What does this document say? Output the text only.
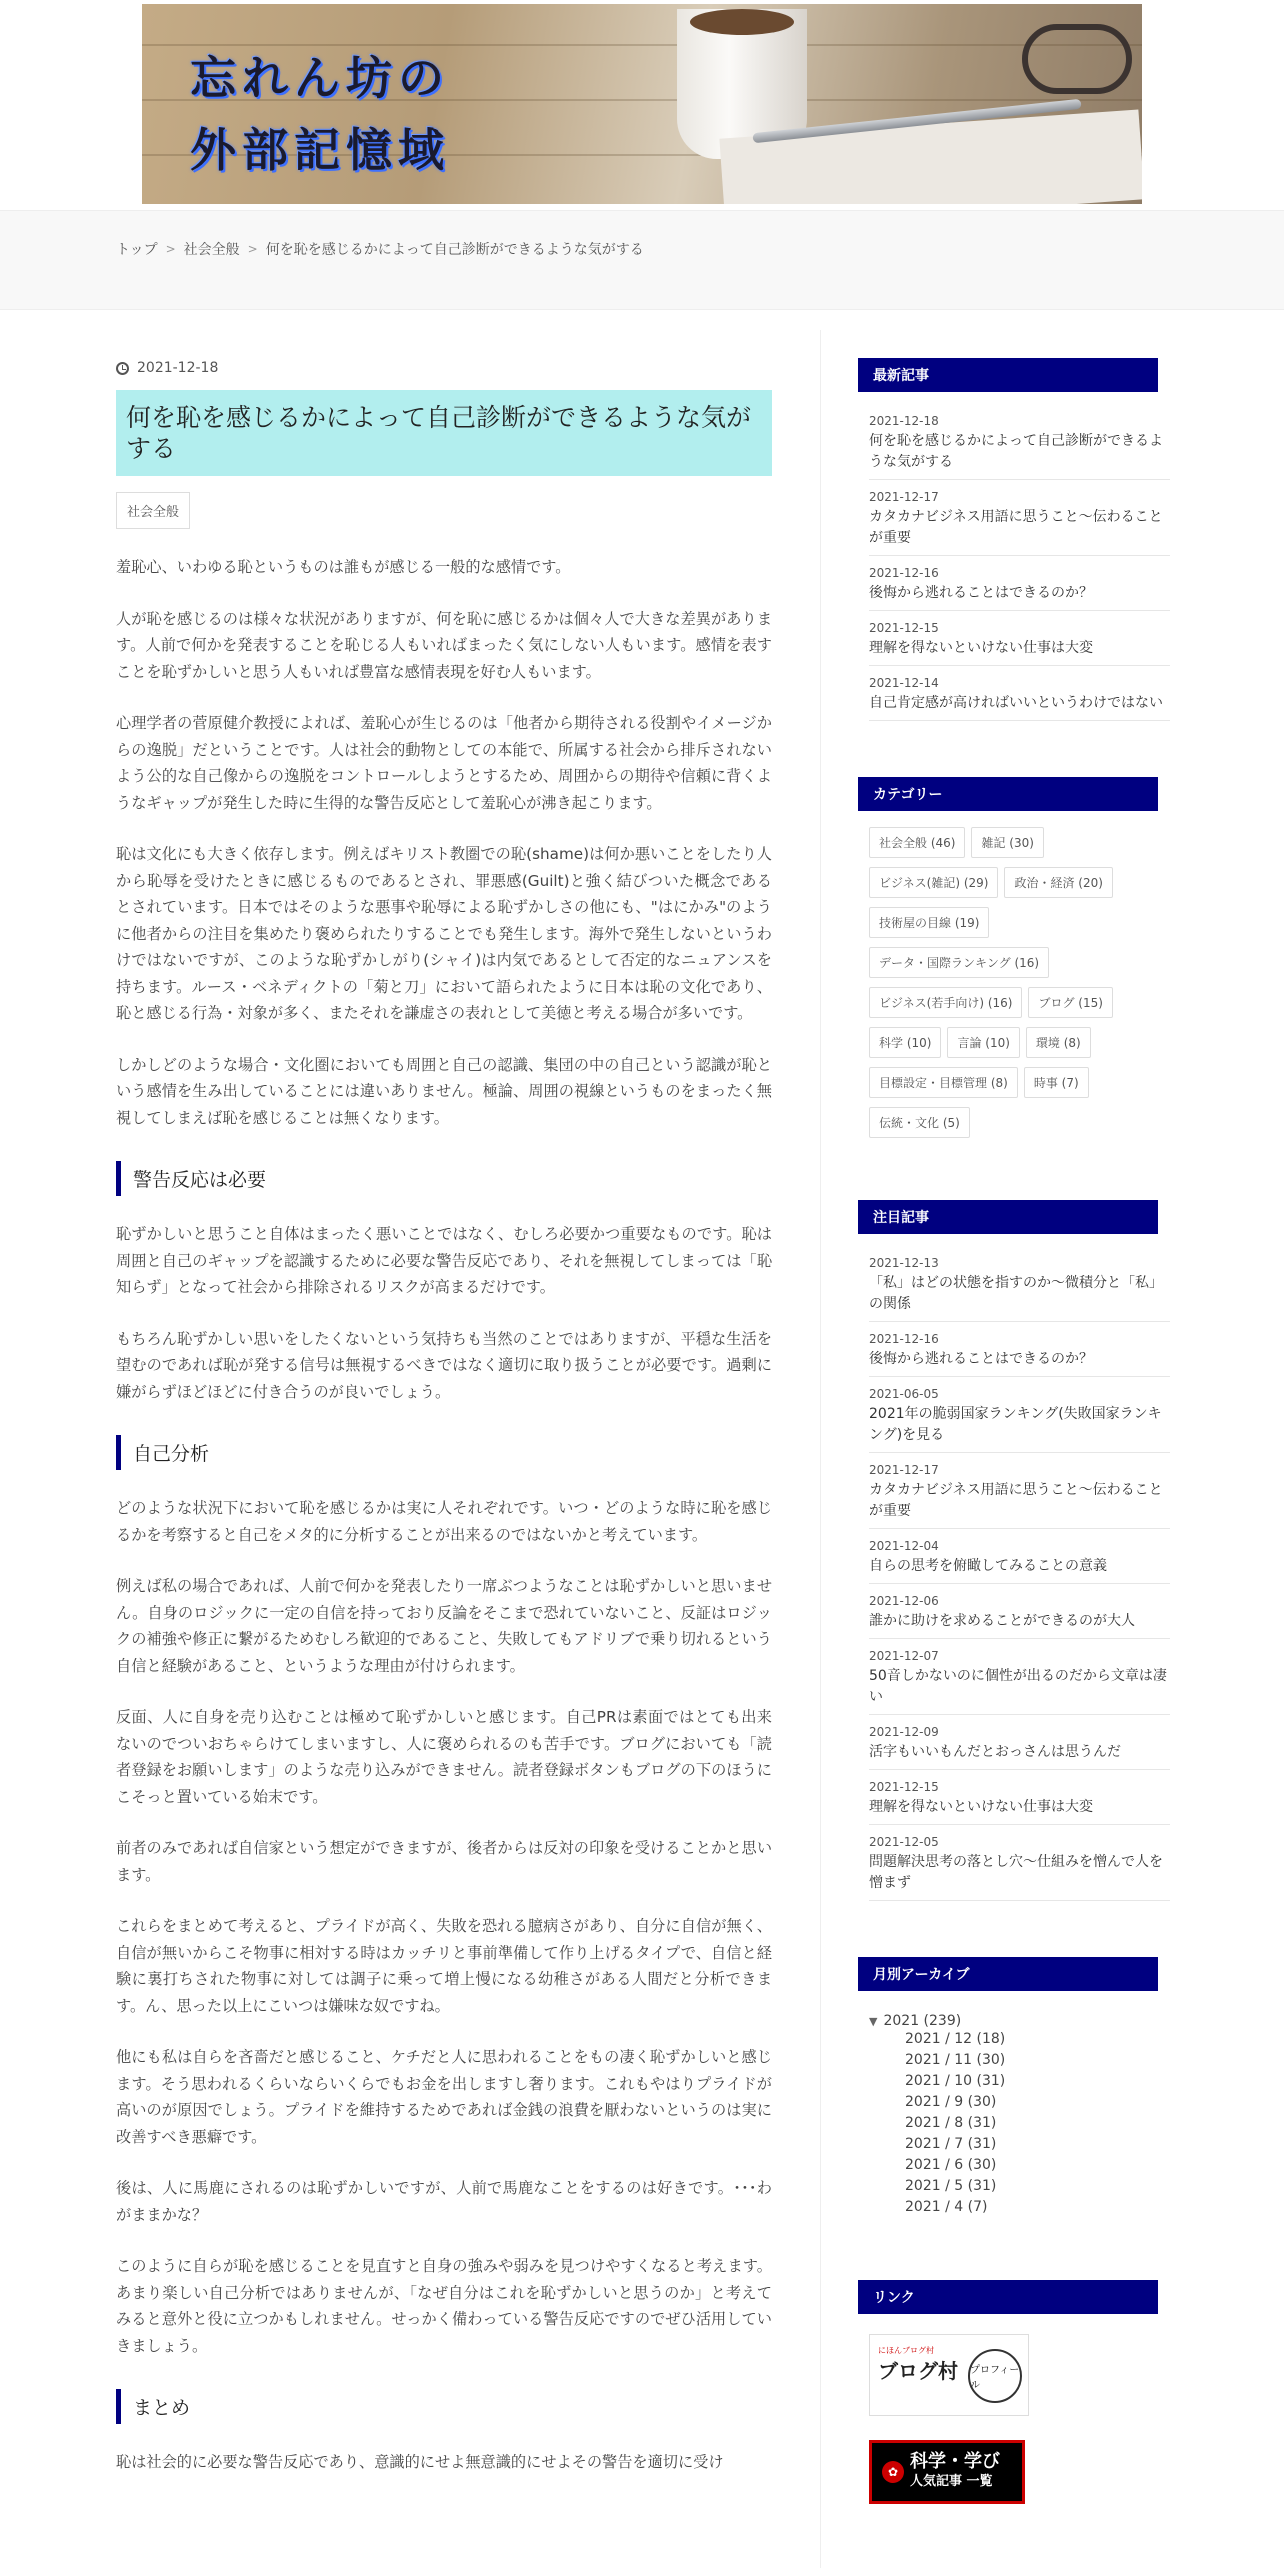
忘れん坊の
外部記憶域
トップ > 社会全般 > 何を恥を感じるかによって自己診断ができるような気がする
2021-12-18
何を恥を感じるかによって自己診断ができるような気がする
社会全般

羞恥心、いわゆる恥というものは誰もが感じる一般的な感情です。

人が恥を感じるのは様々な状況がありますが、何を恥に感じるかは個々人で大きな差異があります。人前で何かを発表することを恥じる人もいればまったく気にしない人もいます。感情を表すことを恥ずかしいと思う人もいれば豊富な感情表現を好む人もいます。

心理学者の菅原健介教授によれば、羞恥心が生じるのは「他者から期待される役割やイメージからの逸脱」だということです。人は社会的動物としての本能で、所属する社会から排斥されないよう公的な自己像からの逸脱をコントロールしようとするため、周囲からの期待や信頼に背くようなギャップが発生した時に生得的な警告反応として羞恥心が沸き起こります。

恥は文化にも大きく依存します。例えばキリスト教圏での恥(shame)は何か悪いことをしたり人から恥辱を受けたときに感じるものであるとされ、罪悪感(Guilt)と強く結びついた概念であるとされています。日本ではそのような悪事や恥辱による恥ずかしさの他にも、"はにかみ"のように他者からの注目を集めたり褒められたりすることでも発生します。海外で発生しないというわけではないですが、このような恥ずかしがり(シャイ)は内気であるとして否定的なニュアンスを持ちます。ルース・ベネディクトの「菊と刀」において語られたように日本は恥の文化であり、恥と感じる行為・対象が多く、またそれを謙虚さの表れとして美徳と考える場合が多いです。

しかしどのような場合・文化圏においても周囲と自己の認識、集団の中の自己という認識が恥という感情を生み出していることには違いありません。極論、周囲の視線というものをまったく無視してしまえば恥を感じることは無くなります。

警告反応は必要

恥ずかしいと思うこと自体はまったく悪いことではなく、むしろ必要かつ重要なものです。恥は周囲と自己のギャップを認識するために必要な警告反応であり、それを無視してしまっては「恥知らず」となって社会から排除されるリスクが高まるだけです。

もちろん恥ずかしい思いをしたくないという気持ちも当然のことではありますが、平穏な生活を望むのであれば恥が発する信号は無視するべきではなく適切に取り扱うことが必要です。過剰に嫌がらずほどほどに付き合うのが良いでしょう。

自己分析

どのような状況下において恥を感じるかは実に人それぞれです。いつ・どのような時に恥を感じるかを考察すると自己をメタ的に分析することが出来るのではないかと考えています。

例えば私の場合であれば、人前で何かを発表したり一席ぶつようなことは恥ずかしいと思いません。自身のロジックに一定の自信を持っており反論をそこまで恐れていないこと、反証はロジックの補強や修正に繋がるためむしろ歓迎的であること、失敗してもアドリブで乗り切れるという自信と経験があること、というような理由が付けられます。

反面、人に自身を売り込むことは極めて恥ずかしいと感じます。自己PRは素面ではとても出来ないのでついおちゃらけてしまいますし、人に褒められるのも苦手です。ブログにおいても「読者登録をお願いします」のような売り込みができません。読者登録ボタンもブログの下のほうにこそっと置いている始末です。

前者のみであれば自信家という想定ができますが、後者からは反対の印象を受けることかと思います。

これらをまとめて考えると、プライドが高く、失敗を恐れる臆病さがあり、自分に自信が無く、自信が無いからこそ物事に相対する時はカッチリと事前準備して作り上げるタイプで、自信と経験に裏打ちされた物事に対しては調子に乗って増上慢になる幼稚さがある人間だと分析できます。ん、思った以上にこいつは嫌味な奴ですね。

他にも私は自らを吝嗇だと感じること、ケチだと人に思われることをもの凄く恥ずかしいと感じます。そう思われるくらいならいくらでもお金を出しますし奢ります。これもやはりプライドが高いのが原因でしょう。プライドを維持するためであれば金銭の浪費を厭わないというのは実に改善すべき悪癖です。

後は、人に馬鹿にされるのは恥ずかしいですが、人前で馬鹿なことをするのは好きです。･･･わがままかな？

このように自らが恥を感じることを見直すと自身の強みや弱みを見つけやすくなると考えます。あまり楽しい自己分析ではありませんが、「なぜ自分はこれを恥ずかしいと思うのか」と考えてみると意外と役に立つかもしれません。せっかく備わっている警告反応ですのでぜひ活用していきましょう。

まとめ

恥は社会的に必要な警告反応であり、意識的にせよ無意識的にせよその警告を適切に受け

最新記事
2021-12-18
何を恥を感じるかによって自己診断ができるような気がする
2021-12-17
カタカナビジネス用語に思うこと～伝わることが重要
2021-12-16
後悔から逃れることはできるのか？
2021-12-15
理解を得ないといけない仕事は大変
2021-12-14
自己肯定感が高ければいいというわけではない
カテゴリー
社会全般 (46)	雑記 (30)
ビジネス(雑記) (29)	政治・経済 (20)
技術屋の目線 (19)
データ・国際ランキング (16)
ビジネス(若手向け) (16)	ブログ (15)
科学 (10)	言論 (10)	環境 (8)
目標設定・目標管理 (8)	時事 (7)
伝統・文化 (5)
注目記事
2021-12-13
「私」はどの状態を指すのか～微積分と「私」の関係
2021-12-16
後悔から逃れることはできるのか？
2021-06-05
2021年の脆弱国家ランキング(失敗国家ランキング)を見る
2021-12-17
カタカナビジネス用語に思うこと～伝わることが重要
2021-12-04
自らの思考を俯瞰してみることの意義
2021-12-06
誰かに助けを求めることができるのが大人
2021-12-07
50音しかないのに個性が出るのだから文章は凄い
2021-12-09
活字もいいもんだとおっさんは思うんだ
2021-12-15
理解を得ないといけない仕事は大変
2021-12-05
問題解決思考の落とし穴～仕組みを憎んで人を憎まず
月別アーカイブ
▼ 2021 (239)
2021 / 12 (18)
2021 / 11 (30)
2021 / 10 (31)
2021 / 9 (30)
2021 / 8 (31)
2021 / 7 (31)
2021 / 6 (30)
2021 / 5 (31)
2021 / 4 (7)
リンク
にほんブログ村
ブログ村 プロフィール
✿ 科学・学び
人気記事 一覧
